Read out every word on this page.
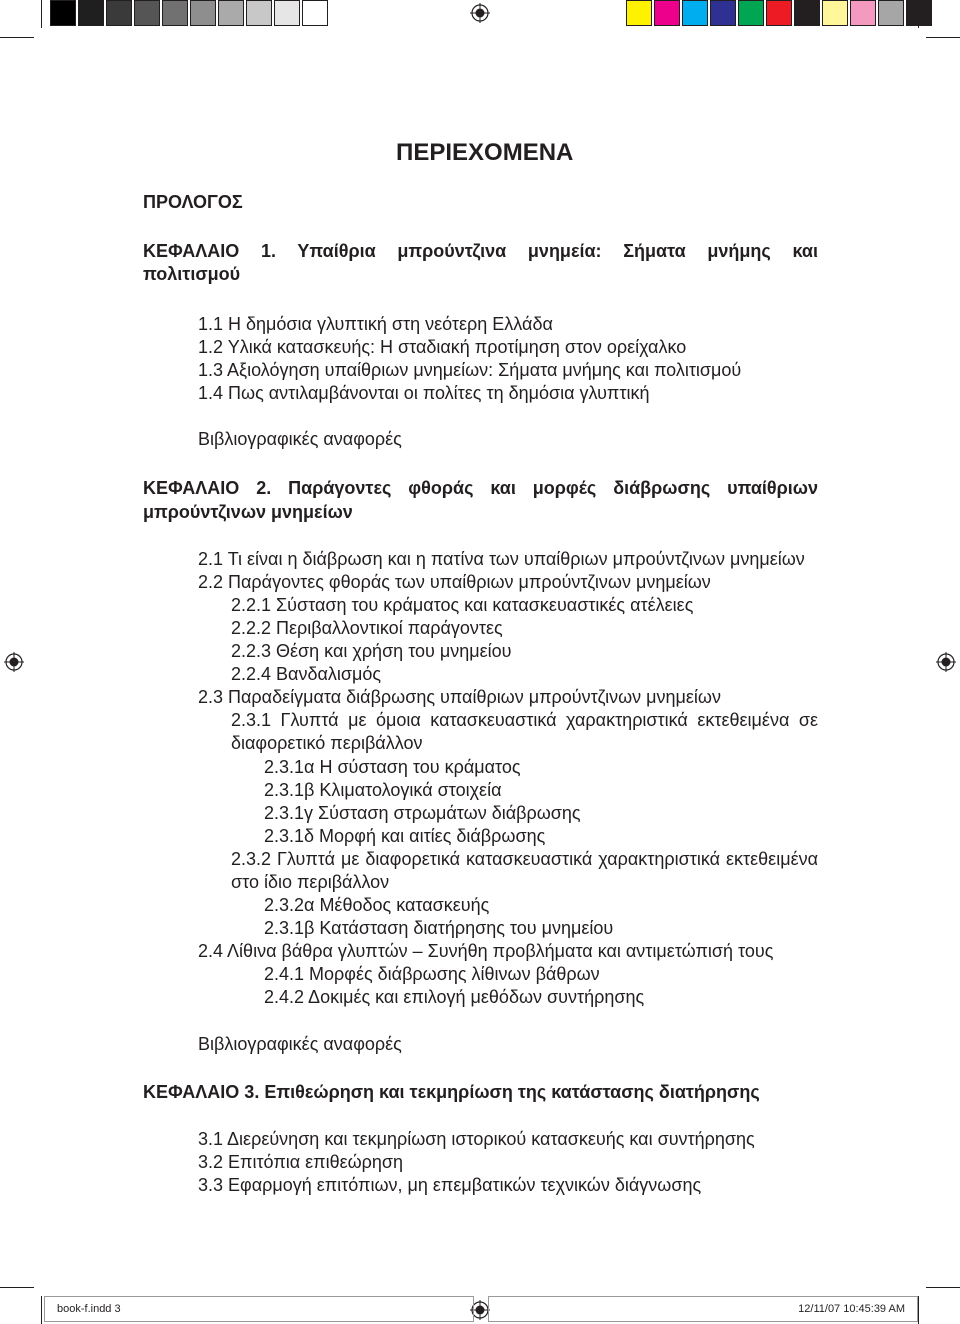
ΠΕΡΙΕΧΟΜΕΝΑ
ΠΡΟΛΟΓΟΣ
ΚΕΦΑΛΑΙΟ 1. Υπαίθρια μπρούντζινα μνημεία: Σήματα μνήμης και
πολιτισμού
1.1 Η δημόσια γλυπτική στη νεότερη Ελλάδα
1.2 Υλικά κατασκευής: Η σταδιακή προτίμηση στον ορείχαλκο
1.3 Αξιολόγηση υπαίθριων μνημείων: Σήματα μνήμης και πολιτισμού
1.4 Πως αντιλαμβάνονται οι πολίτες τη δημόσια γλυπτική
Βιβλιογραφικές αναφορές
ΚΕΦΑΛΑΙΟ 2. Παράγοντες φθοράς και μορφές διάβρωσης υπαίθριων
μπρούντζινων μνημείων
2.1 Τι είναι η διάβρωση και η πατίνα των υπαίθριων μπρούντζινων μνημείων
2.2 Παράγοντες φθοράς των υπαίθριων μπρούντζινων μνημείων
2.2.1 Σύσταση του κράματος και κατασκευαστικές ατέλειες
2.2.2 Περιβαλλοντικοί παράγοντες
2.2.3 Θέση και χρήση του μνημείου
2.2.4 Βανδαλισμός
2.3 Παραδείγματα διάβρωσης υπαίθριων μπρούντζινων μνημείων
2.3.1 Γλυπτά με όμοια κατασκευαστικά χαρακτηριστικά εκτεθειμένα σε
διαφορετικό περιβάλλον
2.3.1α Η σύσταση του κράματος
2.3.1β Κλιματολογικά στοιχεία
2.3.1γ Σύσταση στρωμάτων διάβρωσης
2.3.1δ Μορφή και αιτίες διάβρωσης
2.3.2 Γλυπτά με διαφορετικά κατασκευαστικά χαρακτηριστικά εκτεθειμένα
στο ίδιο περιβάλλον
2.3.2α Μέθοδος κατασκευής
2.3.1β Κατάσταση διατήρησης του μνημείου
2.4 Λίθινα βάθρα γλυπτών – Συνήθη προβλήματα και αντιμετώπισή τους
2.4.1 Μορφές διάβρωσης λίθινων βάθρων
2.4.2 Δοκιμές και επιλογή μεθόδων συντήρησης
Βιβλιογραφικές αναφορές
ΚΕΦΑΛΑΙΟ 3. Επιθεώρηση και τεκμηρίωση της κατάστασης διατήρησης
3.1 Διερεύνηση και τεκμηρίωση ιστορικού κατασκευής και συντήρησης
3.2 Επιτόπια επιθεώρηση
3.3 Εφαρμογή επιτόπιων, μη επεμβατικών τεχνικών διάγνωσης
book-f.indd 3	12/11/07 10:45:39 AM
